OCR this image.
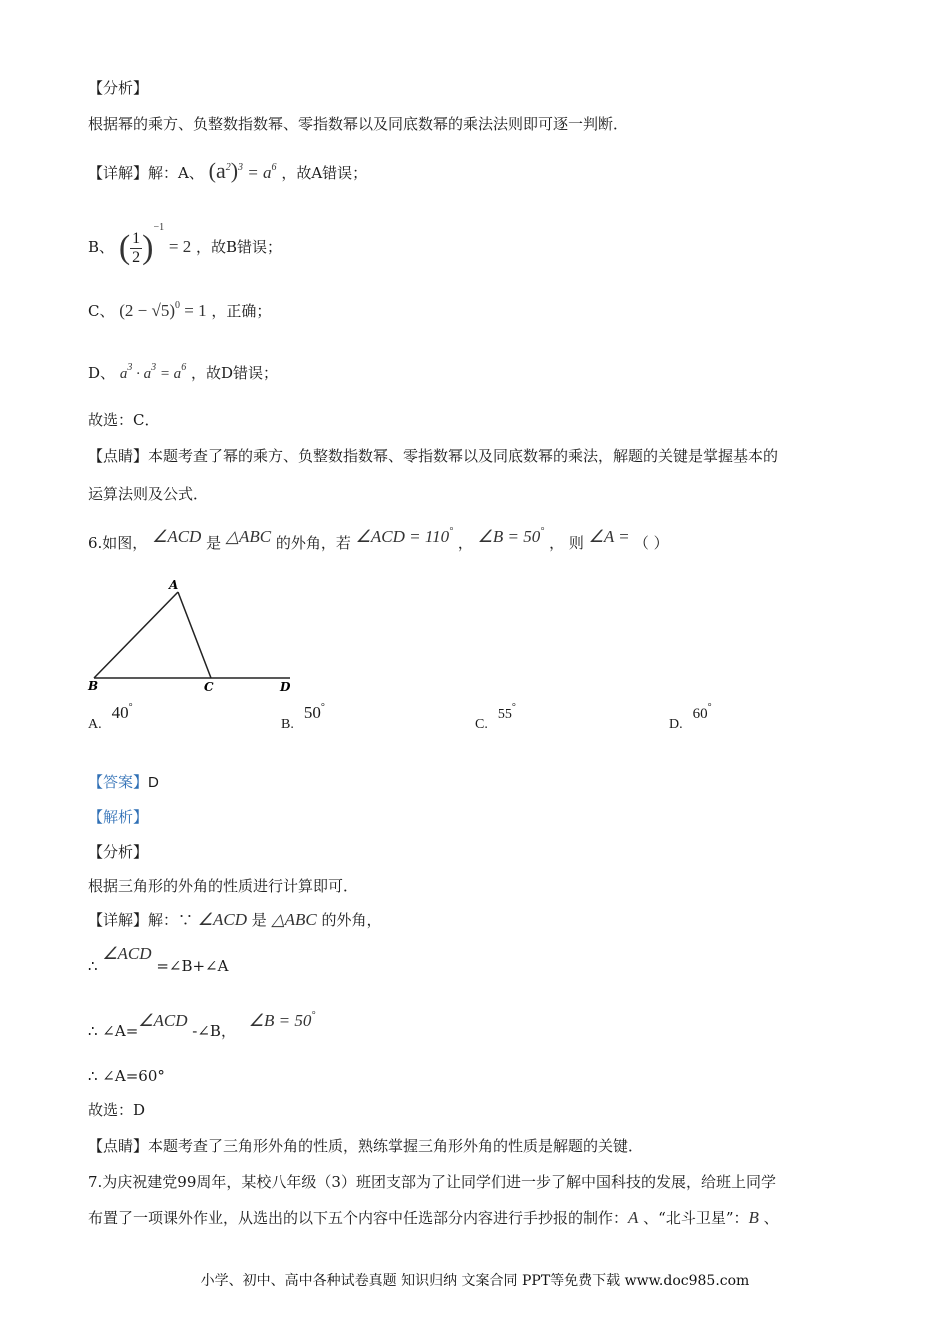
【分析】
根据幂的乘方、负整数指数幂、零指数幂以及同底数幂的乘法法则即可逐一判断．
【详解】解：A、 $(a^2)^3 = a^6$ ，故A错误；
B、 ( $\frac{1}{2} )^{-1} = 2$ ，故B错误；
C、 $(2 - √5)^0 = 1$ ，正确；
D、 $a^3 \cdot a^3 = a^6$ ，故D错误；
故选：C．
【点睛】本题考查了幂的乘方、负整数指数幂、零指数幂以及同底数幂的乘法，解题的关键是掌握基本的
运算法则及公式．
6.如图， ∠ACD 是 △ABC 的外角，若 ∠ACD = 110° ， ∠B = 50° ， 则 ∠A = （ ）
A
B	C	D
A.40°
B.50°
C.55°
D.60°
【答案】D
【解析】
【分析】
根据三角形的外角的性质进行计算即可．
【详解】解：∵ ∠ACD 是 △ABC 的外角，
∴ ∠ACD =∠B+∠A
∴ ∠A=∠ACD -∠B， ∠B = 50°
∴ ∠A=60°
故选：D
【点睛】本题考查了三角形外角的性质，熟练掌握三角形外角的性质是解题的关键．
7.为庆祝建党99周年，某校八年级（3）班团支部为了让同学们进一步了解中国科技的发展，给班上同学
布置了一项课外作业，从选出的以下五个内容中任选部分内容进行手抄报的制作：A 、“北斗卫星”：B 、
小学、初中、高中各种试卷真题 知识归纳 文案合同 PPT等免费下载 www.doc985.com
